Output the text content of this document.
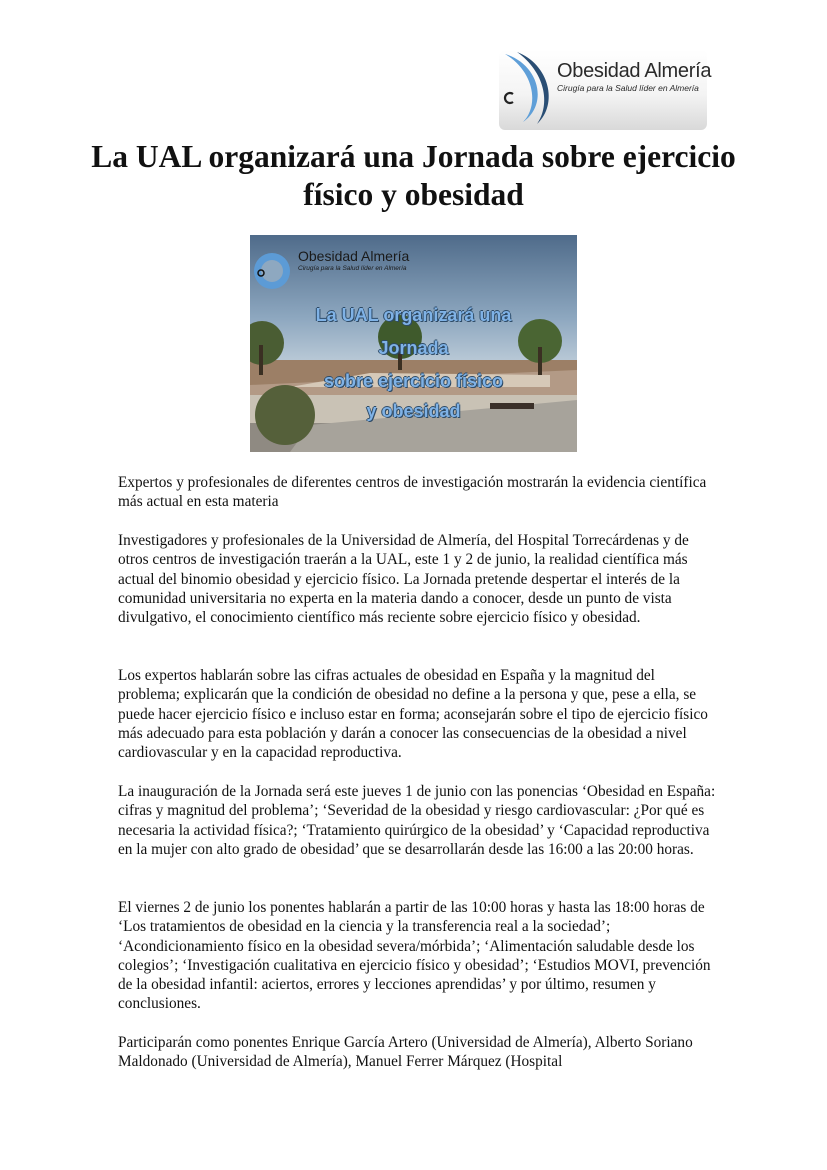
Obesidad Almería
Cirugía para la Salud líder en Almería
La UAL organizará una Jornada sobre ejercicio físico y obesidad
Obesidad Almería
Cirugía para la Salud líder en Almería
La UAL organizará una
Jornada
sobre ejercicio físico
y obesidad

Expertos y profesionales de diferentes centros de investigación mostrarán la evidencia científica más actual en esta materia

Investigadores y profesionales de la Universidad de Almería, del Hospital Torrecárdenas y de otros centros de investigación traerán a la UAL, este 1 y 2 de junio, la realidad científica más actual del binomio obesidad y ejercicio físico. La Jornada pretende despertar el interés de la comunidad universitaria no experta en la materia dando a conocer, desde un punto de vista divulgativo, el conocimiento científico más reciente sobre ejercicio físico y obesidad.

Los expertos hablarán sobre las cifras actuales de obesidad en España y la magnitud del problema; explicarán que la condición de obesidad no define a la persona y que, pese a ella, se puede hacer ejercicio físico e incluso estar en forma; aconsejarán sobre el tipo de ejercicio físico más adecuado para esta población y darán a conocer las consecuencias de la obesidad a nivel cardiovascular y en la capacidad reproductiva.

La inauguración de la Jornada será este jueves 1 de junio con las ponencias ‘Obesidad en España: cifras y magnitud del problema’; ‘Severidad de la obesidad y riesgo cardiovascular: ¿Por qué es necesaria la actividad física?; ‘Tratamiento quirúrgico de la obesidad’ y ‘Capacidad reproductiva en la mujer con alto grado de obesidad’ que se desarrollarán desde las 16:00 a las 20:00 horas.

El viernes 2 de junio los ponentes hablarán a partir de las 10:00 horas y hasta las 18:00 horas de ‘Los tratamientos de obesidad en la ciencia y la transferencia real a la sociedad’; ‘Acondicionamiento físico en la obesidad severa/mórbida’; ‘Alimentación saludable desde los colegios’; ‘Investigación cualitativa en ejercicio físico y obesidad’; ‘Estudios MOVI, prevención de la obesidad infantil: aciertos, errores y lecciones aprendidas’ y por último, resumen y conclusiones.

Participarán como ponentes Enrique García Artero (Universidad de Almería), Alberto Soriano Maldonado (Universidad de Almería), Manuel Ferrer Márquez (Hospital
